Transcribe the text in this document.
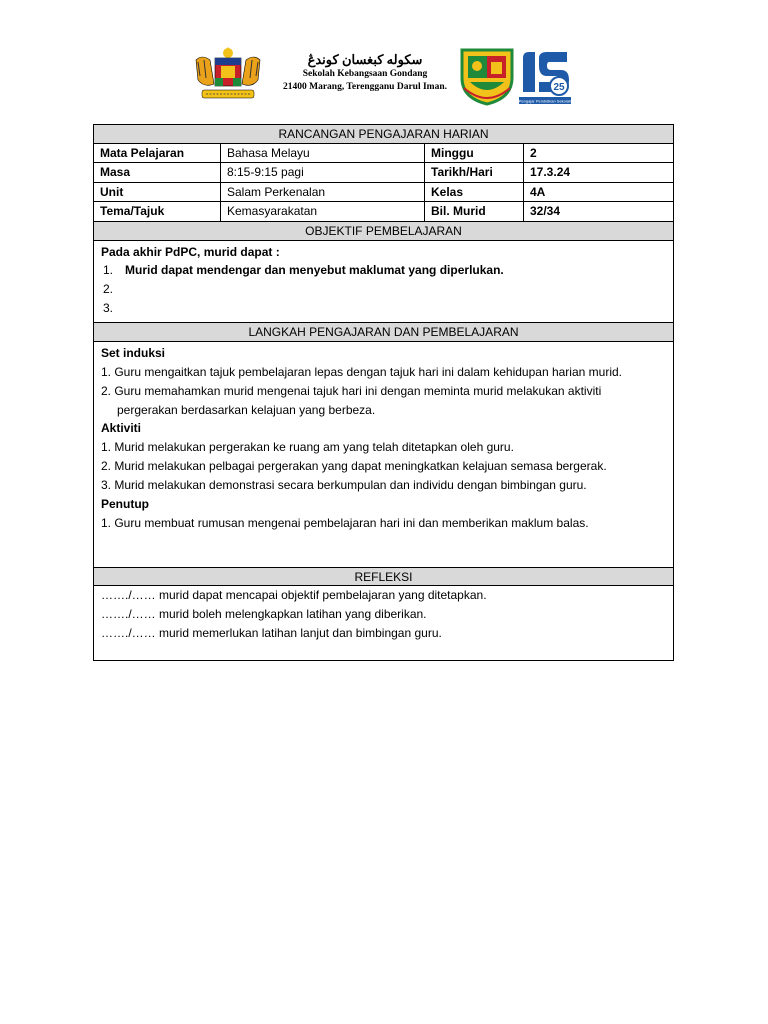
سکوله کبغسان کوندڠ
Sekolah Kebangsaan Gondang
21400 Marang, Terengganu Darul Iman.	25
Pengajar Pendidikan Sekolah
RANCANGAN PENGAJARAN HARIAN
Mata Pelajaran	Bahasa Melayu	Minggu	2
Masa	8:15-9:15 pagi	Tarikh/Hari	17.3.24
Unit	Salam Perkenalan	Kelas	4A
Tema/Tajuk	Kemasyarakatan	Bil. Murid	32/34
OBJEKTIF PEMBELAJARAN
Pada akhir PdPC, murid dapat :
1. Murid dapat mendengar dan menyebut maklumat yang diperlukan.
2.
3.
LANGKAH PENGAJARAN DAN PEMBELAJARAN
Set induksi
1. Guru mengaitkan tajuk pembelajaran lepas dengan tajuk hari ini dalam kehidupan harian murid.
2. Guru memahamkan murid mengenai tajuk hari ini dengan meminta murid melakukan aktiviti
pergerakan berdasarkan kelajuan yang berbeza.
Aktiviti
1. Murid melakukan pergerakan ke ruang am yang telah ditetapkan oleh guru.
2. Murid melakukan pelbagai pergerakan yang dapat meningkatkan kelajuan semasa bergerak.
3. Murid melakukan demonstrasi secara berkumpulan dan individu dengan bimbingan guru.
Penutup
1. Guru membuat rumusan mengenai pembelajaran hari ini dan memberikan maklum balas.
REFLEKSI
……./…… murid dapat mencapai objektif pembelajaran yang ditetapkan.
……./…… murid boleh melengkapkan latihan yang diberikan.
……./…… murid memerlukan latihan lanjut dan bimbingan guru.
